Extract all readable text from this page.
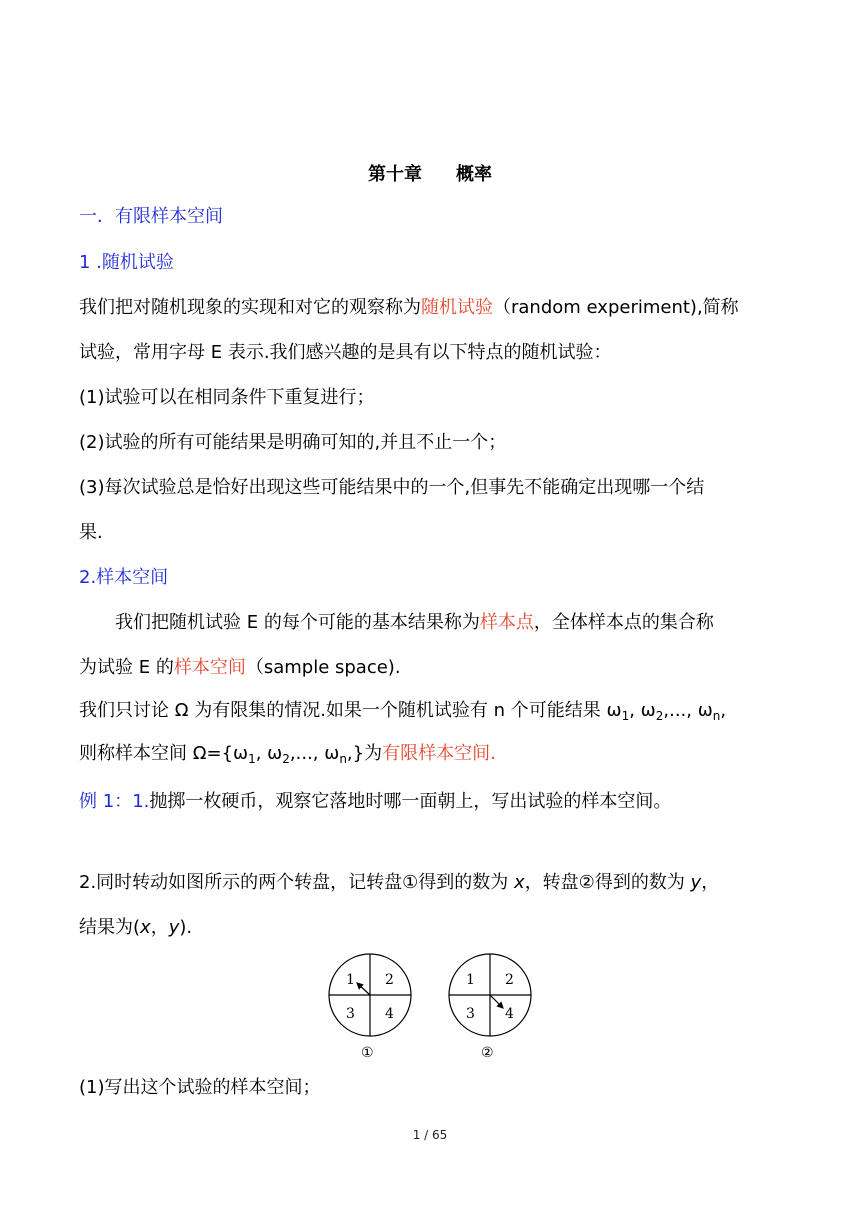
第十章 概率
一．有限样本空间
1 .随机试验
我们把对随机现象的实现和对它的观察称为随机试验（random experiment),简称
试验，常用字母 E 表示.我们感兴趣的是具有以下特点的随机试验：
(1)试验可以在相同条件下重复进行；
(2)试验的所有可能结果是明确可知的,并且不止一个；
(3)每次试验总是恰好出现这些可能结果中的一个,但事先不能确定出现哪一个结
果.
2.样本空间
我们把随机试验 E 的每个可能的基本结果称为样本点，全体样本点的集合称
为试验 E 的样本空间（sample space).
我们只讨论 Ω 为有限集的情况.如果一个随机试验有 n 个可能结果 $\omega_1$, $\omega_2$,..., $\omega_n$,
则称样本空间 $\Omega=\{\omega_1$, $\omega_2$,..., $\omega_n$,}为有限样本空间.
例 1：1.抛掷一枚硬币，观察它落地时哪一面朝上，写出试验的样本空间。
2.同时转动如图所示的两个转盘，记转盘①得到的数为 x，转盘②得到的数为 y，
结果为(x，y).
1 2
3 4
①
1 2
3 4
②
(1)写出这个试验的样本空间；
1 / 65
